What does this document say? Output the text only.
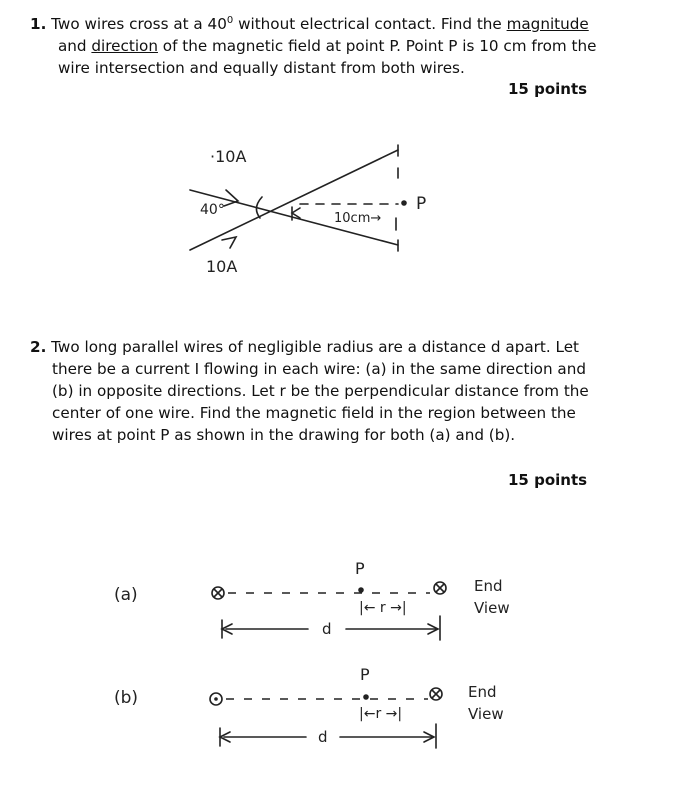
1. Two wires cross at a $40^0$ without electrical contact. Find the magnitude
and direction of the magnetic field at point P. Point P is 10 cm from the
wire intersection and equally distant from both wires.
15 points
·10A
40°
10cm→
P
10A
2. Two long parallel wires of negligible radius are a distance d apart. Let
there be a current I flowing in each wire: (a) in the same direction and
(b) in opposite directions. Let r be the perpendicular distance from the
center of one wire. Find the magnetic field in the region between the
wires at point P as shown in the drawing for both (a) and (b).
15 points
(a)
P
|← r →|
d
End
View
(b)
P
|←r →|
d
End
View
